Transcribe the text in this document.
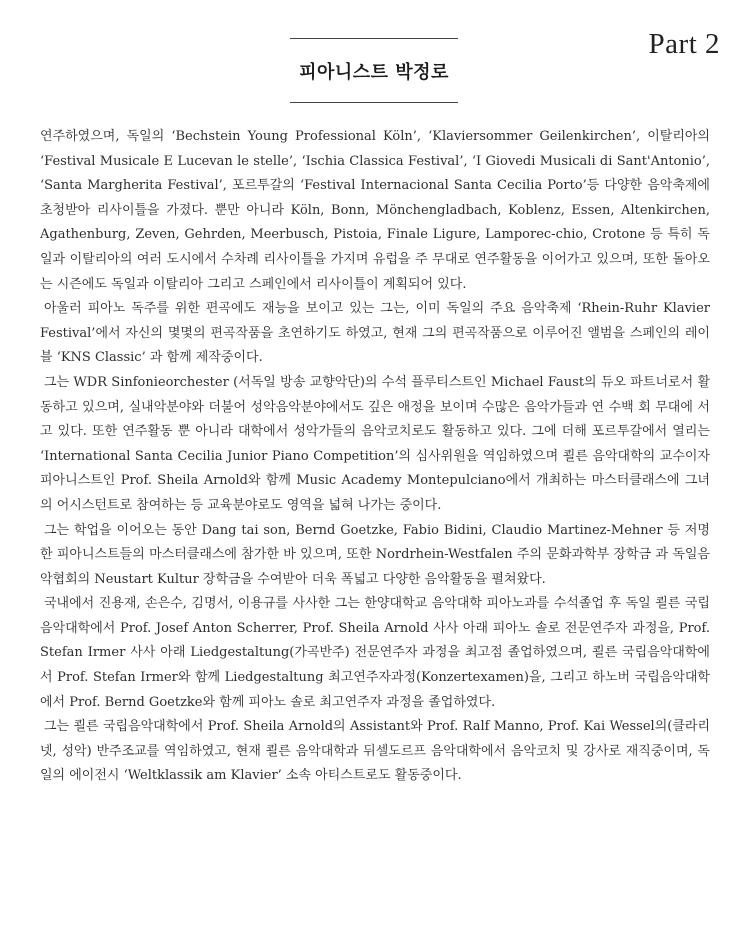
Part 2
피아니스트 박정로

연주하였으며, 독일의 ‘Bechstein Young Professional Köln’, ‘Klaviersommer Geilenkirchen’, 이탈리아의 ‘Festival Musicale E Lucevan le stelle’, ‘Ischia Classica Festival’, ‘I Giovedi Musicali di Sant'Antonio’, ‘Santa Margherita Festival’, 포르투갈의 ‘Festival Internacional Santa Cecilia Porto’등 다양한 음악축제에 초청받아 리사이틀을 가졌다. 뿐만 아니라 Köln, Bonn, Mönchengladbach, Koblenz, Essen, Altenkirchen, Agathenburg, Zeven, Gehrden, Meerbusch, Pistoia, Finale Ligure, Lamporec-chio, Crotone 등 특히 독일과 이탈리아의 여러 도시에서 수차례 리사이틀을 가지며 유럽을 주 무대로 연주활동을 이어가고 있으며, 또한 돌아오는 시즌에도 독일과 이탈리아 그리고 스페인에서 리사이틀이 계획되어 있다.

아울러 피아노 독주를 위한 편곡에도 재능을 보이고 있는 그는, 이미 독일의 주요 음악축제 ‘Rhein-Ruhr Klavier Festival’에서 자신의 몇몇의 편곡작품을 초연하기도 하였고, 현재 그의 편곡작품으로 이루어진 앨범을 스페인의 레이블 ‘KNS Classic’ 과 함께 제작중이다.

그는 WDR Sinfonieorchester (서독일 방송 교향악단)의 수석 플루티스트인 Michael Faust의 듀오 파트너로서 활동하고 있으며, 실내악분야와 더불어 성악음악분야에서도 깊은 애정을 보이며 수많은 음악가들과 연 수백 회 무대에 서고 있다. 또한 연주활동 뿐 아니라 대학에서 성악가들의 음악코치로도 활동하고 있다. 그에 더해 포르투갈에서 열리는 ‘International Santa Cecilia Junior Piano Competition’의 심사위원을 역임하였으며 쾰른 음악대학의 교수이자 피아니스트인 Prof. Sheila Arnold와 함께 Music Academy Montepulciano에서 개최하는 마스터클래스에 그녀의 어시스턴트로 참여하는 등 교육분야로도 영역을 넓혀 나가는 중이다.

그는 학업을 이어오는 동안 Dang tai son, Bernd Goetzke, Fabio Bidini, Claudio Martinez-Mehner 등 저명한 피아니스트들의 마스터클래스에 참가한 바 있으며, 또한 Nordrhein-Westfalen 주의 문화과학부 장학금 과 독일음악협회의 Neustart Kultur 장학금을 수여받아 더욱 폭넓고 다양한 음악활동을 펼쳐왔다.

국내에서 진용재, 손은수, 김명서, 이용규를 사사한 그는 한양대학교 음악대학 피아노과를 수석졸업 후 독일 쾰른 국립음악대학에서 Prof. Josef Anton Scherrer, Prof. Sheila Arnold 사사 아래 피아노 솔로 전문연주자 과정을, Prof. Stefan Irmer 사사 아래 Liedgestaltung(가곡반주) 전문연주자 과정을 최고점 졸업하였으며, 쾰른 국립음악대학에서 Prof. Stefan Irmer와 함께 Liedgestaltung 최고연주자과정(Konzertexamen)을, 그리고 하노버 국립음악대학에서 Prof. Bernd Goetzke와 함께 피아노 솔로 최고연주자 과정을 졸업하였다.

그는 쾰른 국립음악대학에서 Prof. Sheila Arnold의 Assistant와 Prof. Ralf Manno, Prof. Kai Wessel의(클라리넷, 성악) 반주조교를 역임하였고, 현재 쾰른 음악대학과 뒤셀도르프 음악대학에서 음악코치 및 강사로 재직중이며, 독일의 에이전시 ‘Weltklassik am Klavier’ 소속 아티스트로도 활동중이다.
